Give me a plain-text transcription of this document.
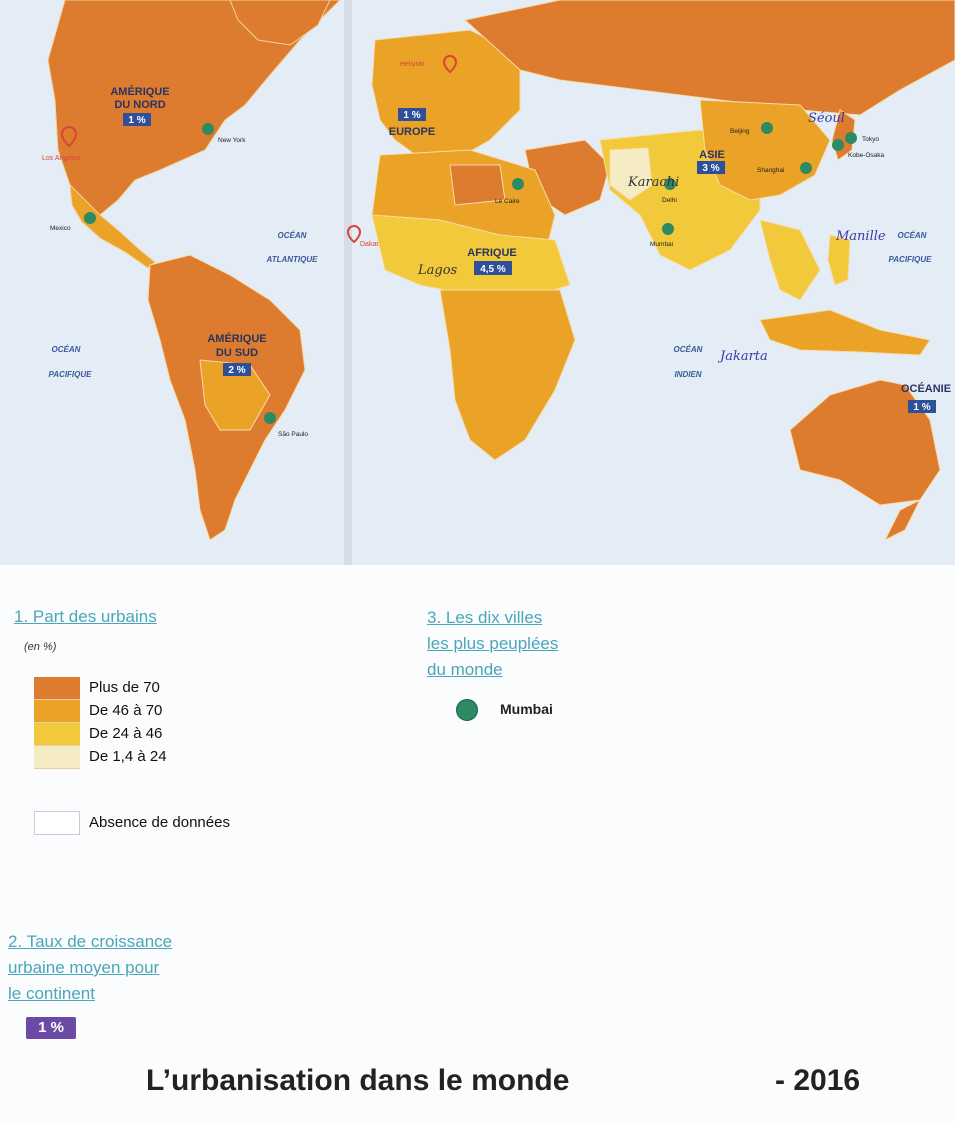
AMÉRIQUE
DU NORD
1 %
AMÉRIQUE
DU SUD
2 %
1 %
EUROPE
AFRIQUE
4,5 %
ASIE
3 %
OCÉANIE
1 %
OCÉAN
ATLANTIQUE
OCÉAN
PACIFIQUE
OCÉAN
PACIFIQUE
OCÉAN
INDIEN
New York
Mexico
São Paulo
Le Caire
Mumbai
Delhi
Beijing
Shanghai
Tokyo
Kobe-Osaka
Los Angeles
Dakar
Helsinki
Karachi
Lagos
Séoul
Manille
Jakarta
1. Part des urbains
(en %)
Plus de 70
De 46 à 70
De 24 à 46
De 1,4 à 24
Absence de données
3. Les dix villes
les plus peuplées
du monde
Mumbai
2. Taux de croissance
urbaine moyen pour
le continent
1 %
L’urbanisation dans le monde	- 2016
